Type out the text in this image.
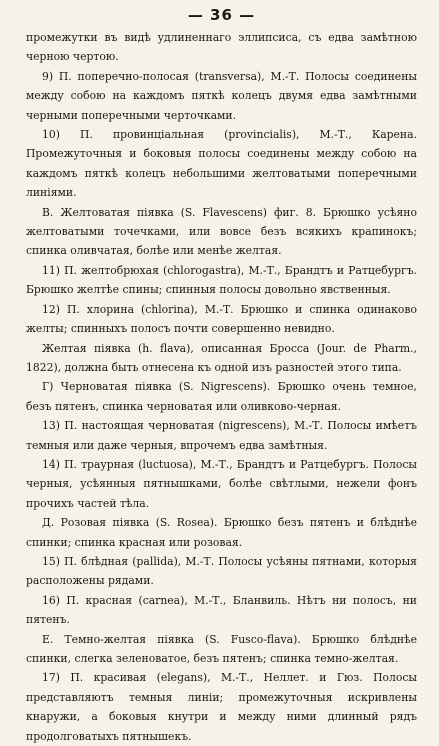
— 36 —

промежутки въ видѣ удлиненнаго эллипсиса, съ едва замѣтною черною чертою.

9) П. поперечно-полосая (transversa), М.-Т. Полосы соединены между собою на каждомъ пяткѣ колецъ двумя едва замѣтными черными поперечными черточками.

10) П. провинціальная (provincialis), М.-Т., Карена. Промежуточныя и боковыя полосы соединены между собою на каждомъ пяткѣ колецъ небольшими желтоватыми поперечными линіями.

В. Желтоватая піявка (S. Flavescens) фиг. 8. Брюшко усѣяно желтоватыми точечками, или вовсе безъ всякихъ крапинокъ; спинка оливчатая, болѣе или менѣе желтая.

11) П. желтобрюхая (chlorogastra), М.-Т., Брандтъ и Ратцебургъ. Брюшко желтѣе спины; спинныя полосы довольно явственныя.

12) П. хлорина (chlorina), М.-Т. Брюшко и спинка одинаково желты; спинныхъ полосъ почти совершенно невидно.

Желтая піявка (h. flava), описанная Бросса (Jour. de Pharm., 1822), должна быть отнесена къ одной изъ разностей этого типа.

Г) Черноватая піявка (S. Nigrescens). Брюшко очень темное, безъ пятенъ, спинка черноватая или оливково-черная.

13) П. настоящая черноватая (nigrescens), М.-Т. Полосы имѣетъ темныя или даже черныя, впрочемъ едва замѣтныя.

14) П. траурная (luctuosa), М.-Т., Брандтъ и Ратцебургъ. Полосы черныя, усѣянныя пятнышками, болѣе свѣтлыми, нежели фонъ прочихъ частей тѣла.

Д. Розовая піявка (S. Rosea). Брюшко безъ пятенъ и блѣднѣе спинки; спинка красная или розовая.

15) П. блѣдная (pallida), М.-Т. Полосы усѣяны пятнами, которыя расположены рядами.

16) П. красная (carnea), М.-Т., Бланвиль. Нѣтъ ни полосъ, ни пятенъ.

Е. Темно-желтая піявка (S. Fusco-flava). Брюшко блѣднѣе спинки, слегка зеленоватое, безъ пятенъ; спинка темно-желтая.

17) П. красивая (elegans), М.-Т., Неллет. и Гюз. Полосы представляютъ темныя линіи; промежуточныя искривлены кнаружи, а боковыя кнутри и между ними длинный рядъ продолговатыхъ пятнышекъ.
